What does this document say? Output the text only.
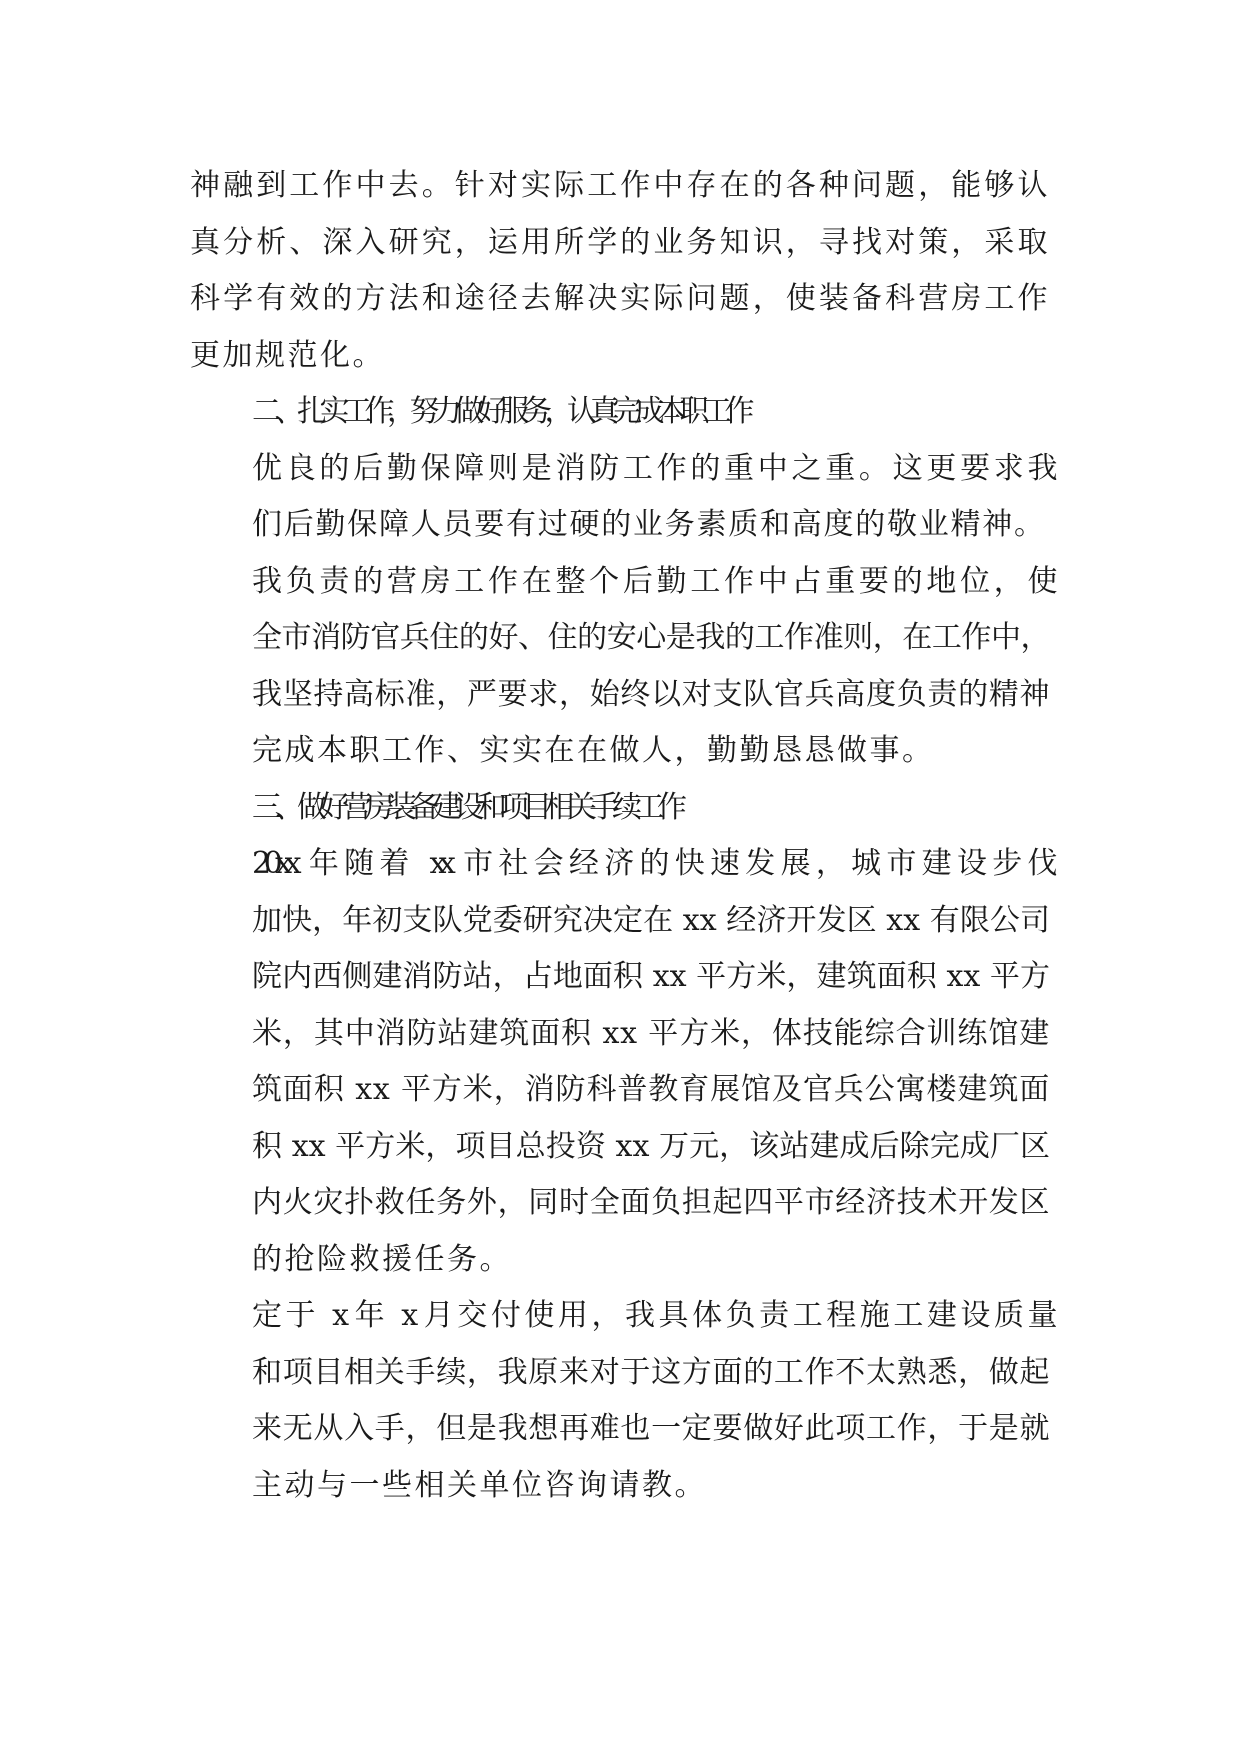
神融到工作中去。针对实际工作中存在的各种问题，能够认
真分析、深入研究，运用所学的业务知识，寻找对策，采取
科学有效的方法和途径去解决实际问题，使装备科营房工作
更加规范化。
二、扎实工作，努力做好服务，认真完成本职工作
优良的后勤保障则是消防工作的重中之重。这更要求我
们后勤保障人员要有过硬的业务素质和高度的敬业精神。
我负责的营房工作在整个后勤工作中占重要的地位，使
全市消防官兵住的好、住的安心是我的工作准则，在工作中，
我坚持高标准，严要求，始终以对支队官兵高度负责的精神
完成本职工作、实实在在做人，勤勤恳恳做事。
三、做好营房装备建设和项目相关手续工作
20xx 年随着 xx 市社会经济的快速发展，城市建设步伐
加快，年初支队党委研究决定在 xx 经济开发区 xx 有限公司
院内西侧建消防站，占地面积 xx 平方米，建筑面积 xx 平方
米，其中消防站建筑面积 xx 平方米，体技能综合训练馆建
筑面积 xx 平方米，消防科普教育展馆及官兵公寓楼建筑面
积 xx 平方米，项目总投资 xx 万元，该站建成后除完成厂区
内火灾扑救任务外，同时全面负担起四平市经济技术开发区
的抢险救援任务。
定于 x 年 x 月交付使用，我具体负责工程施工建设质量
和项目相关手续，我原来对于这方面的工作不太熟悉，做起
来无从入手，但是我想再难也一定要做好此项工作，于是就
主动与一些相关单位咨询请教。
